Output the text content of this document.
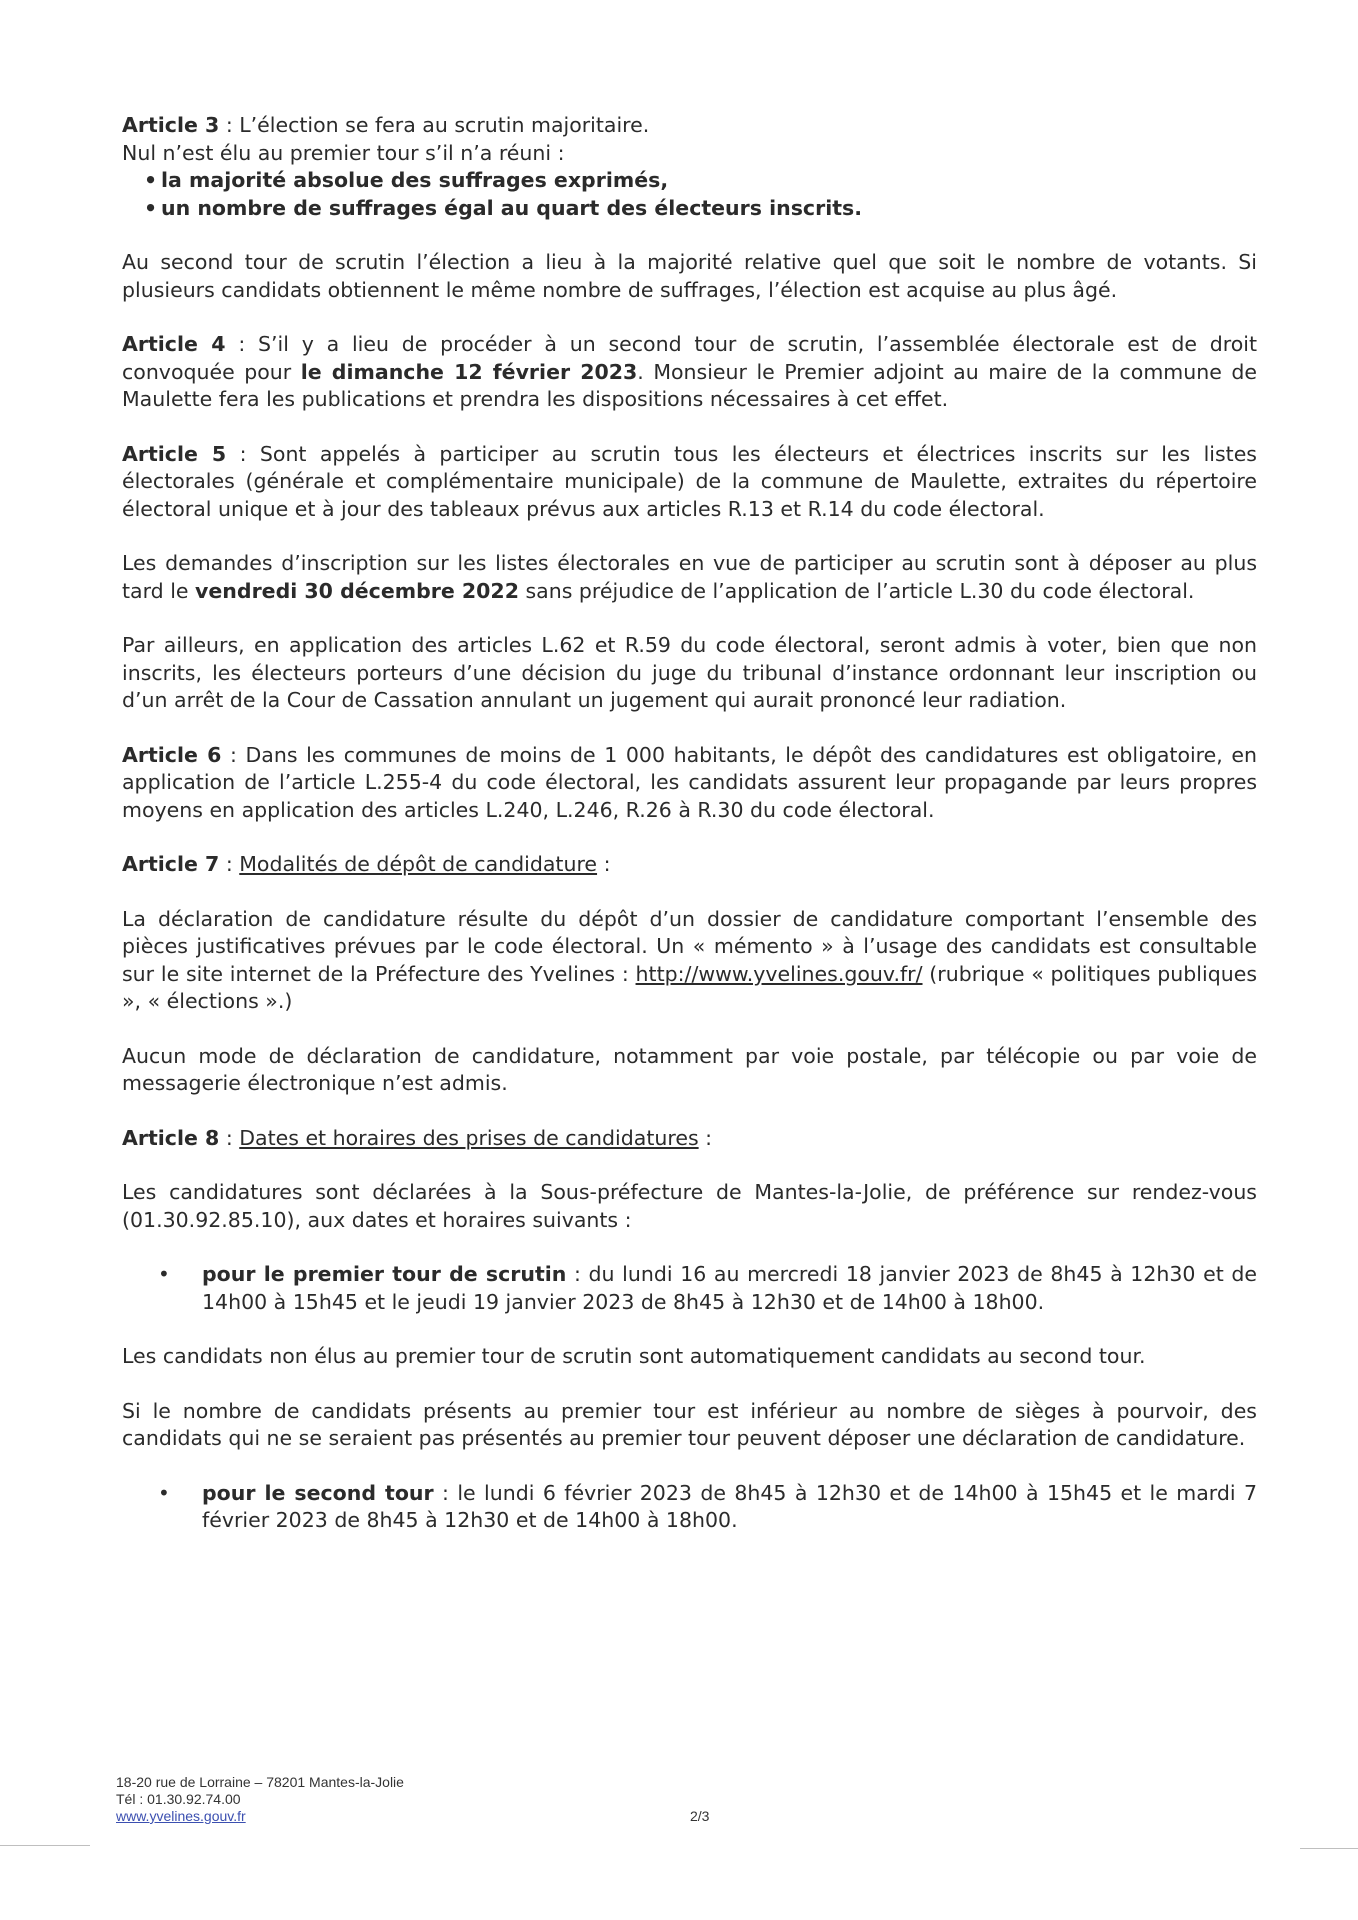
Article 3 : L’élection se fera au scrutin majoritaire.
Nul n’est élu au premier tour s’il n’a réuni :

• la majorité absolue des suffrages exprimés,
• un nombre de suffrages égal au quart des électeurs inscrits.

Au second tour de scrutin l’élection a lieu à la majorité relative quel que soit le nombre de votants. Si plusieurs candidats obtiennent le même nombre de suffrages, l’élection est acquise au plus âgé.

Article 4 : S’il y a lieu de procéder à un second tour de scrutin, l’assemblée électorale est de droit convoquée pour le dimanche 12 février 2023. Monsieur le Premier adjoint au maire de la commune de Maulette fera les publications et prendra les dispositions nécessaires à cet effet.

Article 5 : Sont appelés à participer au scrutin tous les électeurs et électrices inscrits sur les listes électorales (générale et complémentaire municipale) de la commune de Maulette, extraites du répertoire électoral unique et à jour des tableaux prévus aux articles R.13 et R.14 du code électoral.

Les demandes d’inscription sur les listes électorales en vue de participer au scrutin sont à déposer au plus tard le vendredi 30 décembre 2022 sans préjudice de l’application de l’article L.30 du code électoral.

Par ailleurs, en application des articles L.62 et R.59 du code électoral, seront admis à voter, bien que non inscrits, les électeurs porteurs d’une décision du juge du tribunal d’instance ordonnant leur inscription ou d’un arrêt de la Cour de Cassation annulant un jugement qui aurait prononcé leur radiation.

Article 6 : Dans les communes de moins de 1 000 habitants, le dépôt des candidatures est obligatoire, en application de l’article L.255-4 du code électoral, les candidats assurent leur propagande par leurs propres moyens en application des articles L.240, L.246, R.26 à R.30 du code électoral.

Article 7 : Modalités de dépôt de candidature :

La déclaration de candidature résulte du dépôt d’un dossier de candidature comportant l’ensemble des pièces justificatives prévues par le code électoral. Un « mémento » à l’usage des candidats est consultable sur le site internet de la Préfecture des Yvelines : http://www.yvelines.gouv.fr/ (rubrique « politiques publiques », « élections ».)

Aucun mode de déclaration de candidature, notamment par voie postale, par télécopie ou par voie de messagerie électronique n’est admis.

Article 8 : Dates et horaires des prises de candidatures :

Les candidatures sont déclarées à la Sous-préfecture de Mantes-la-Jolie, de préférence sur rendez-vous (01.30.92.85.10), aux dates et horaires suivants :

• pour le premier tour de scrutin : du lundi 16 au mercredi 18 janvier 2023 de 8h45 à 12h30 et de 14h00 à 15h45 et le jeudi 19 janvier 2023 de 8h45 à 12h30 et de 14h00 à 18h00.

Les candidats non élus au premier tour de scrutin sont automatiquement candidats au second tour.

Si le nombre de candidats présents au premier tour est inférieur au nombre de sièges à pourvoir, des candidats qui ne se seraient pas présentés au premier tour peuvent déposer une déclaration de candidature.

• pour le second tour : le lundi 6 février 2023 de 8h45 à 12h30 et de 14h00 à 15h45 et le mardi 7 février 2023 de 8h45 à 12h30 et de 14h00 à 18h00.
18-20 rue de Lorraine – 78201 Mantes-la-Jolie
Tél : 01.30.92.74.00
www.yvelines.gouv.fr	2/3
